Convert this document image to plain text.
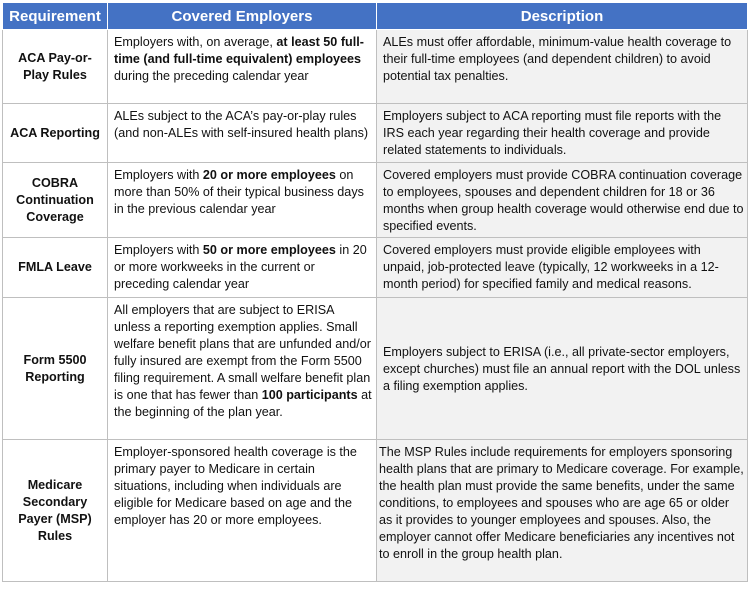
Requirement	Covered Employers	Description
ACA Pay-or-Play Rules	Employers with, on average, at least 50 full-time (and full-time equivalent) employees during the preceding calendar year	ALEs must offer affordable, minimum-value health coverage to their full-time employees (and dependent children) to avoid potential tax penalties.
ACA Reporting	ALEs subject to the ACA’s pay-or-play rules (and non-ALEs with self-insured health plans)	Employers subject to ACA reporting must file reports with the IRS each year regarding their health coverage and provide related statements to individuals.
COBRA Continuation Coverage	Employers with 20 or more employees on more than 50% of their typical business days in the previous calendar year	Covered employers must provide COBRA continuation coverage to employees, spouses and dependent children for 18 or 36 months when group health coverage would otherwise end due to specified events.
FMLA Leave	Employers with 50 or more employees in 20 or more workweeks in the current or preceding calendar year	Covered employers must provide eligible employees with unpaid, job-protected leave (typically, 12 workweeks in a 12-month period) for specified family and medical reasons.
Form 5500 Reporting	All employers that are subject to ERISA unless a reporting exemption applies. Small welfare benefit plans that are unfunded and/or fully insured are exempt from the Form 5500 filing requirement. A small welfare benefit plan is one that has fewer than 100 participants at the beginning of the plan year.	Employers subject to ERISA (i.e., all private-sector employers, except churches) must file an annual report with the DOL unless a filing exemption applies.
Medicare Secondary Payer (MSP) Rules	Employer-sponsored health coverage is the primary payer to Medicare in certain situations, including when individuals are eligible for Medicare based on age and the employer has 20 or more employees.	The MSP Rules include requirements for employers sponsoring health plans that are primary to Medicare coverage. For example, the health plan must provide the same benefits, under the same conditions, to employees and spouses who are age 65 or older as it provides to younger employees and spouses. Also, the employer cannot offer Medicare beneficiaries any incentives not to enroll in the group health plan.
